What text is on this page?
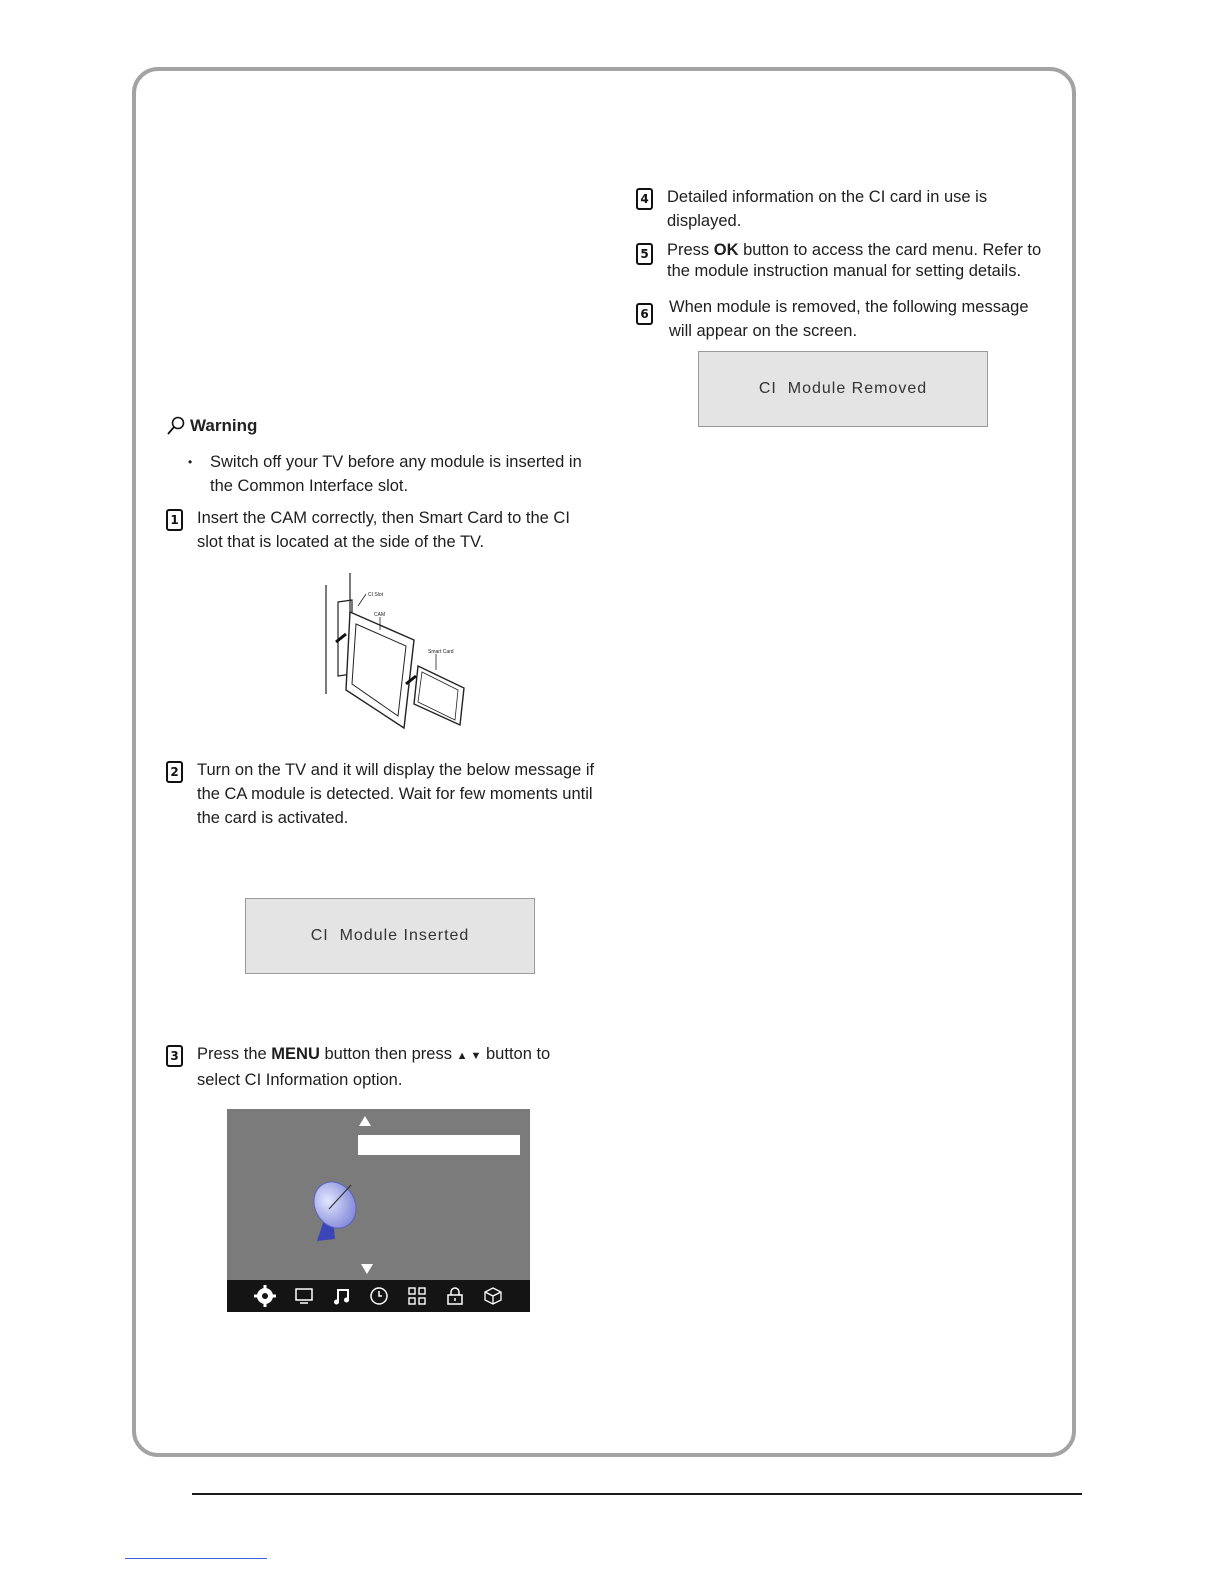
Warning
•	Switch off your TV before any module is inserted in the Common Interface slot.
1 Insert the CAM correctly, then Smart Card to the CI slot that is located at the side of the TV.
CI Slot
CAM
Smart Card
2 Turn on the TV and it will display the below message if the CA module is detected. Wait for few moments until the card is activated.
CI  Module Inserted
3 Press the MENU button then press ▲ ▼ button to select CI Information option.
4 Detailed information on the CI card in use is displayed.
5 Press OK button to access the card menu. Refer to the module instruction manual for setting details.
6 When module is removed, the following message will appear on the screen.
CI  Module Removed
